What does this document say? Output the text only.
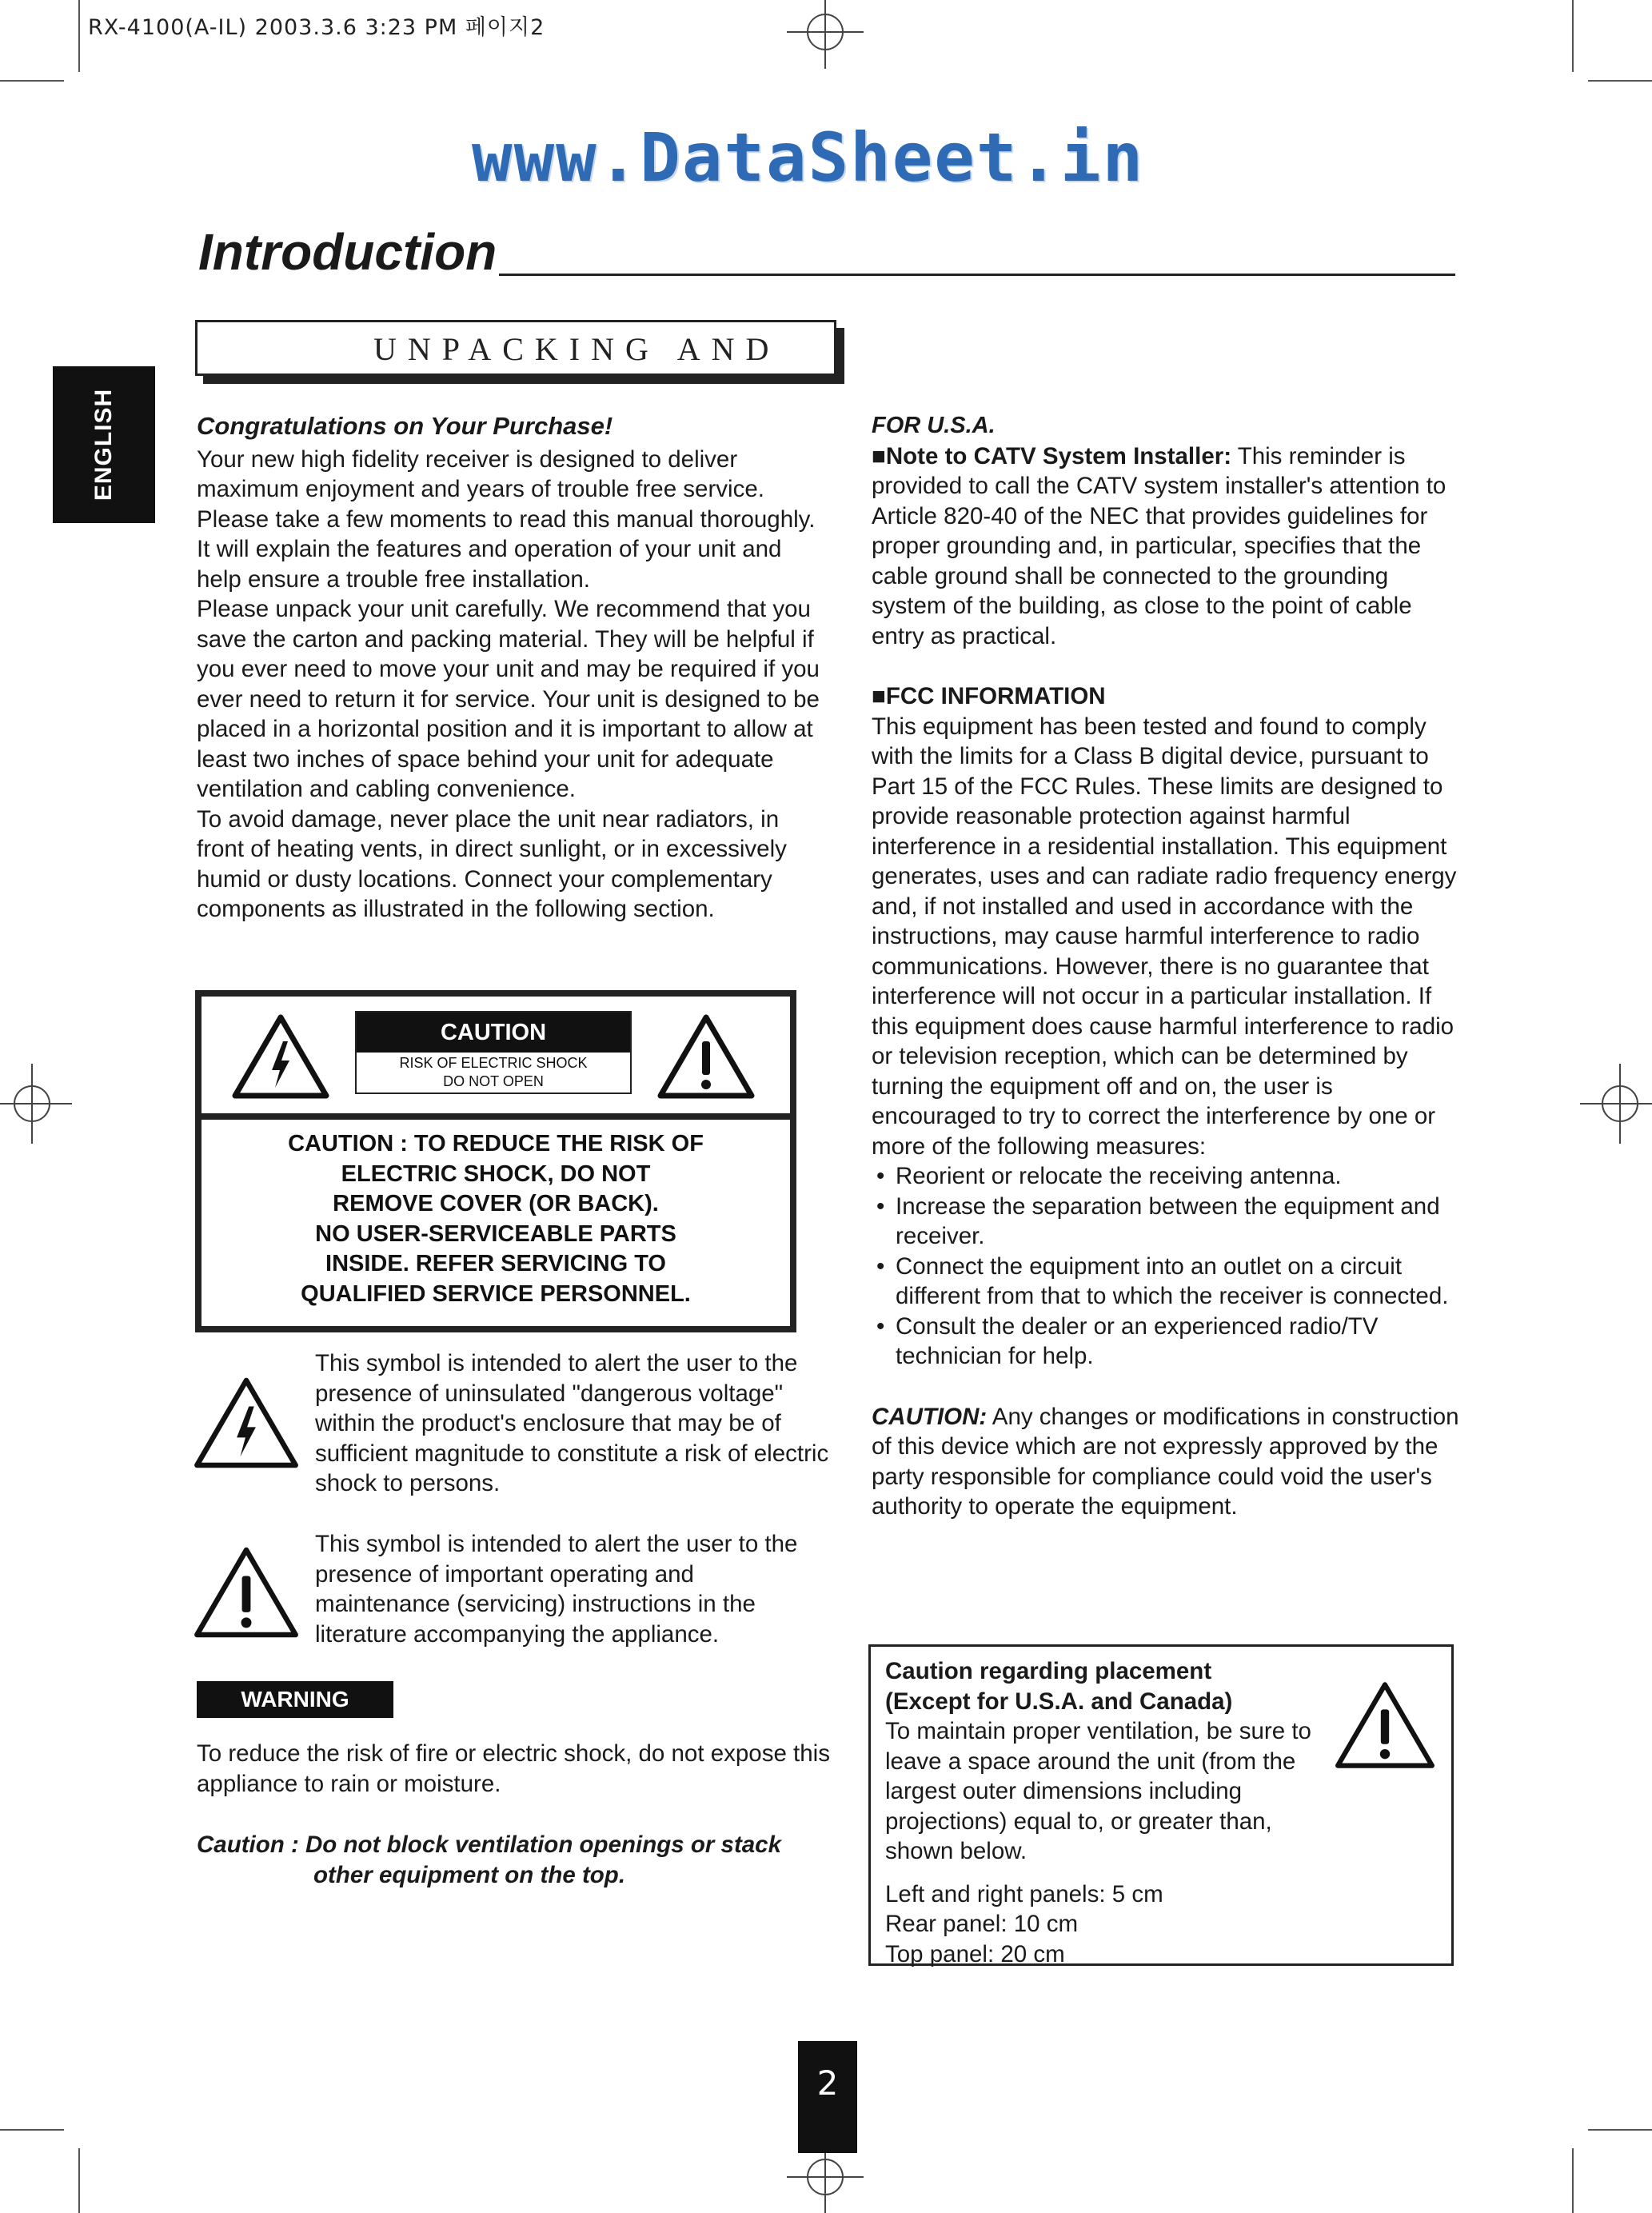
RX-4100(A-IL) 2003.3.6 3:23 PM 페이지2
www.DataSheet.in
Introduction
UNPACKING AND
ENGLISH	Congratulations on Your Purchase!
Your new high fidelity receiver is designed to deliver maximum enjoyment and years of trouble free service. Please take a few moments to read this manual thoroughly. It will explain the features and operation of your unit and help ensure a trouble free installation.
Please unpack your unit carefully. We recommend that you save the carton and packing material. They will be helpful if you ever need to move your unit and may be required if you ever need to return it for service. Your unit is designed to be placed in a horizontal position and it is important to allow at least two inches of space behind your unit for adequate ventilation and cabling convenience.
To avoid damage, never place the unit near radiators, in front of heating vents, in direct sunlight, or in excessively humid or dusty locations. Connect your complementary components as illustrated in the following section.
CAUTION
RISK OF ELECTRIC SHOCK
DO NOT OPEN
CAUTION : TO REDUCE THE RISK OF
ELECTRIC SHOCK, DO NOT
REMOVE COVER (OR BACK).
NO USER-SERVICEABLE PARTS
INSIDE. REFER SERVICING TO
QUALIFIED SERVICE PERSONNEL.
This symbol is intended to alert the user to the presence of uninsulated "dangerous voltage" within the product's enclosure that may be of sufficient magnitude to constitute a risk of electric shock to persons.
This symbol is intended to alert the user to the presence of important operating and maintenance (servicing) instructions in the literature accompanying the appliance.
WARNING
To reduce the risk of fire or electric shock, do not expose this appliance to rain or moisture.
Caution : Do not block ventilation openings or stack
other equipment on the top.
FOR U.S.A.
■Note to CATV System Installer: This reminder is provided to call the CATV system installer's attention to Article 820-40 of the NEC that provides guidelines for proper grounding and, in particular, specifies that the cable ground shall be connected to the grounding system of the building, as close to the point of cable entry as practical.
■FCC INFORMATION
This equipment has been tested and found to comply with the limits for a Class B digital device, pursuant to Part 15 of the FCC Rules. These limits are designed to provide reasonable protection against harmful interference in a residential installation. This equipment generates, uses and can radiate radio frequency energy and, if not installed and used in accordance with the instructions, may cause harmful interference to radio communications. However, there is no guarantee that interference will not occur in a particular installation. If this equipment does cause harmful interference to radio or television reception, which can be determined by turning the equipment off and on, the user is encouraged to try to correct the interference by one or more of the following measures:
• Reorient or relocate the receiving antenna.
• Increase the separation between the equipment and receiver.
• Connect the equipment into an outlet on a circuit different from that to which the receiver is connected.
• Consult the dealer or an experienced radio/TV technician for help.
CAUTION: Any changes or modifications in construction of this device which are not expressly approved by the party responsible for compliance could void the user's authority to operate the equipment.
Caution regarding placement
(Except for U.S.A. and Canada)
To maintain proper ventilation, be sure to leave a space around the unit (from the largest outer dimensions including projections) equal to, or greater than, shown below.
Left and right panels: 5 cm
Rear panel: 10 cm
Top panel: 20 cm
2
